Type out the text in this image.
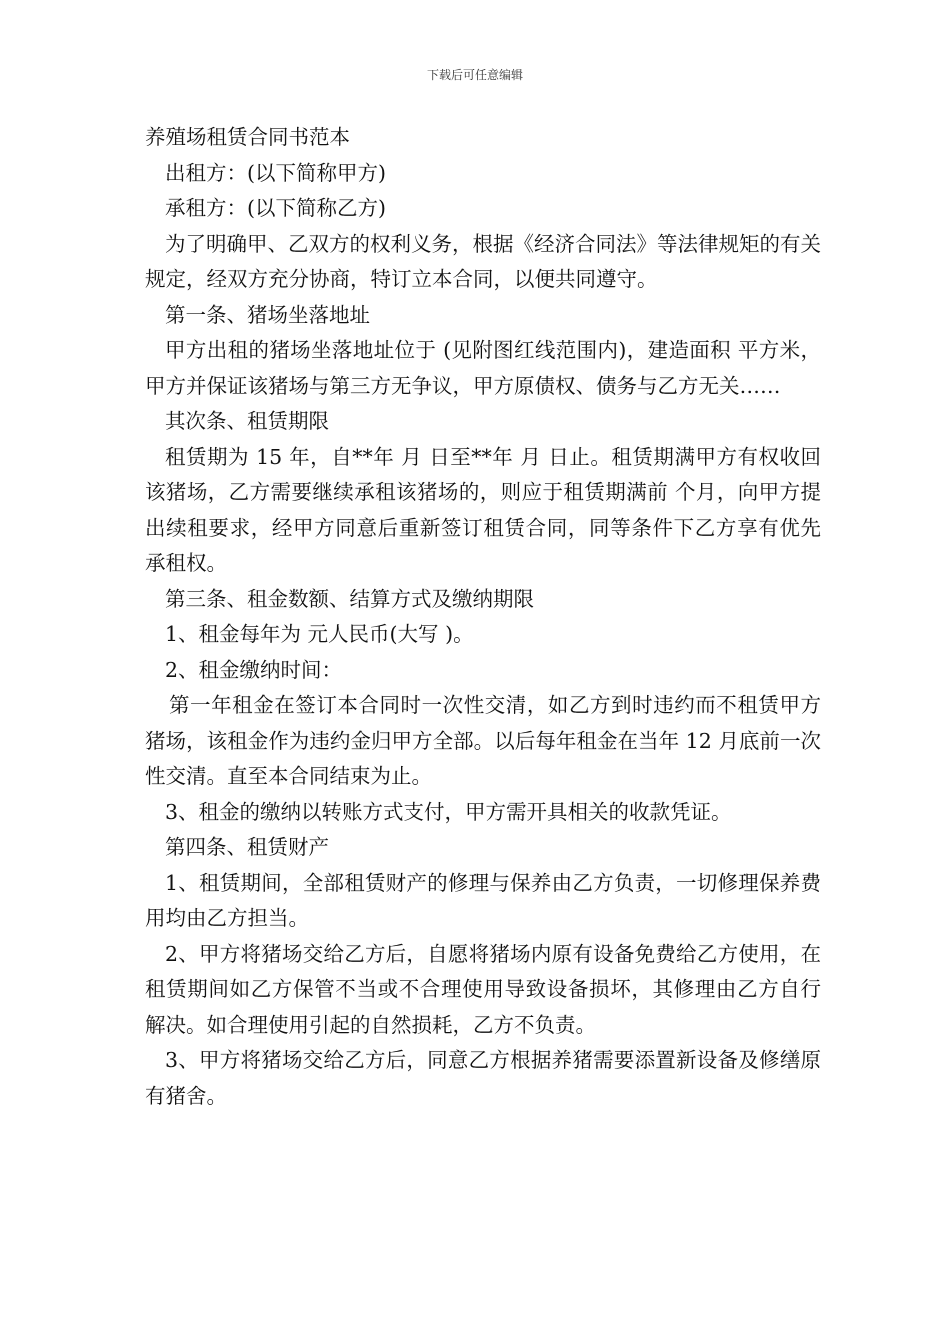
下载后可任意编辑

养殖场租赁合同书范本

出租方：(以下简称甲方)

承租方：(以下简称乙方)

为了明确甲、乙双方的权利义务，根据《经济合同法》等法律规矩的有关规定，经双方充分协商，特订立本合同，以便共同遵守。

第一条、猪场坐落地址

甲方出租的猪场坐落地址位于 (见附图红线范围内)，建造面积 平方米，甲方并保证该猪场与第三方无争议，甲方原债权、债务与乙方无关……

其次条、租赁期限

租赁期为 15 年，自**年 月 日至**年 月 日止。租赁期满甲方有权收回该猪场，乙方需要继续承租该猪场的，则应于租赁期满前 个月，向甲方提出续租要求，经甲方同意后重新签订租赁合同，同等条件下乙方享有优先承租权。

第三条、租金数额、结算方式及缴纳期限

1、租金每年为 元人民币(大写 )。

2、租金缴纳时间：

第一年租金在签订本合同时一次性交清，如乙方到时违约而不租赁甲方猪场，该租金作为违约金归甲方全部。以后每年租金在当年 12 月底前一次性交清。直至本合同结束为止。

3、租金的缴纳以转账方式支付，甲方需开具相关的收款凭证。

第四条、租赁财产

1、租赁期间，全部租赁财产的修理与保养由乙方负责，一切修理保养费用均由乙方担当。

2、甲方将猪场交给乙方后，自愿将猪场内原有设备免费给乙方使用，在租赁期间如乙方保管不当或不合理使用导致设备损坏，其修理由乙方自行解决。如合理使用引起的自然损耗，乙方不负责。

3、甲方将猪场交给乙方后，同意乙方根据养猪需要添置新设备及修缮原有猪舍。
